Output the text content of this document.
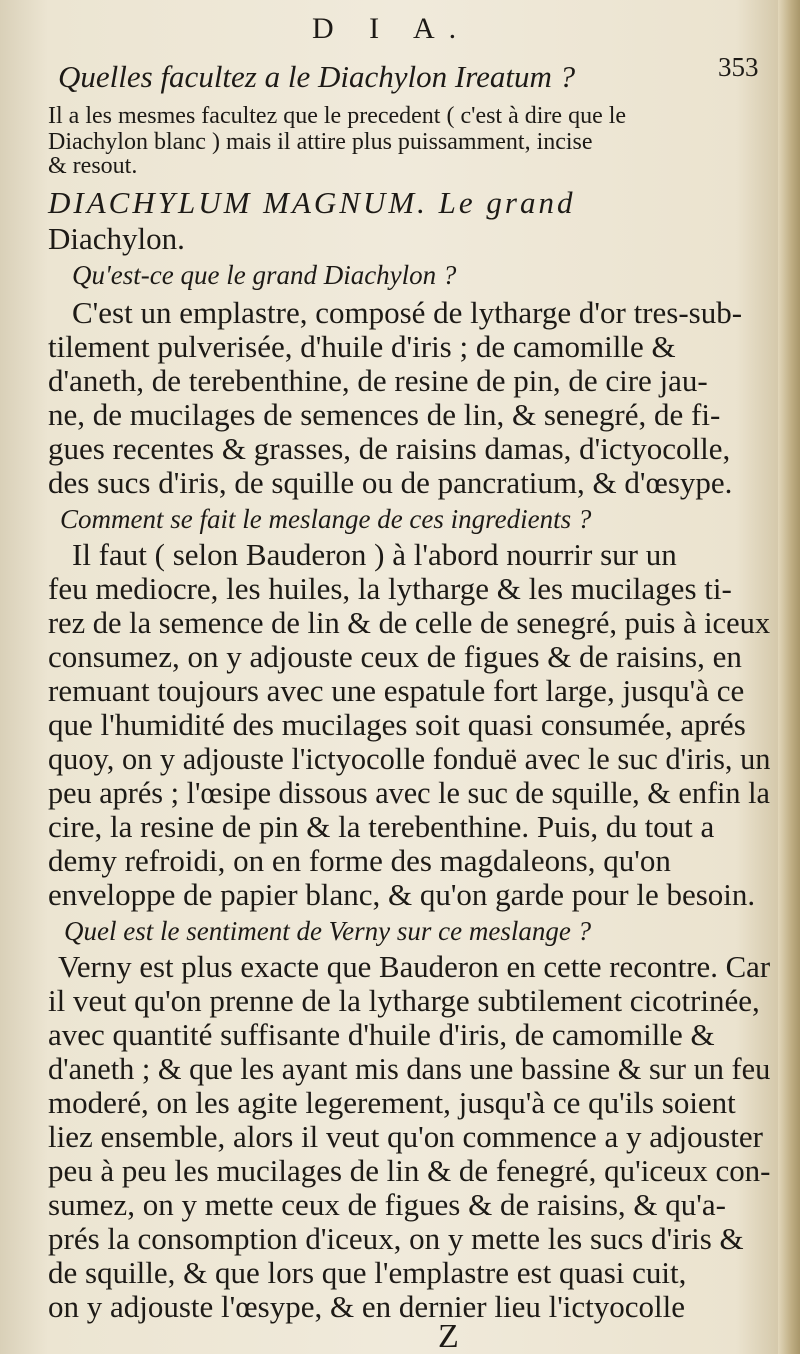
D I A.
353
Quelles facultez a le Diachylon Ireatum ?
Il a les mesmes facultez que le precedent ( c'est à dire que le
Diachylon blanc ) mais il attire plus puissamment, incise
& resout.
DIACHYLUM MAGNUM. Le grand
Diachylon.
Qu'est-ce que le grand Diachylon ?
C'est un emplastre, composé de lytharge d'or tres-sub-
tilement pulverisée, d'huile d'iris ; de camomille &
d'aneth, de terebenthine, de resine de pin, de cire jau-
ne, de mucilages de semences de lin, & senegré, de fi-
gues recentes & grasses, de raisins damas, d'ictyocolle,
des sucs d'iris, de squille ou de pancratium, & d'œsype.
Comment se fait le meslange de ces ingredients ?
Il faut ( selon Bauderon ) à l'abord nourrir sur un
feu mediocre, les huiles, la lytharge & les mucilages ti-
rez de la semence de lin & de celle de senegré, puis à iceux
consumez, on y adjouste ceux de figues & de raisins, en
remuant toujours avec une espatule fort large, jusqu'à ce
que l'humidité des mucilages soit quasi consumée, aprés
quoy, on y adjouste l'ictyocolle fonduë avec le suc d'iris, un
peu aprés ; l'œsipe dissous avec le suc de squille, & enfin la
cire, la resine de pin & la terebenthine. Puis, du tout a
demy refroidi, on en forme des magdaleons, qu'on
enveloppe de papier blanc, & qu'on garde pour le besoin.
Quel est le sentiment de Verny sur ce meslange ?
Verny est plus exacte que Bauderon en cette recontre. Car
il veut qu'on prenne de la lytharge subtilement cicotrinée,
avec quantité suffisante d'huile d'iris, de camomille &
d'aneth ; & que les ayant mis dans une bassine & sur un feu
moderé, on les agite legerement, jusqu'à ce qu'ils soient
liez ensemble, alors il veut qu'on commence a y adjouster
peu à peu les mucilages de lin & de fenegré, qu'iceux con-
sumez, on y mette ceux de figues & de raisins, & qu'a-
prés la consomption d'iceux, on y mette les sucs d'iris &
de squille, & que lors que l'emplastre est quasi cuit,
on y adjouste l'œsype, & en dernier lieu l'ictyocolle
Z
